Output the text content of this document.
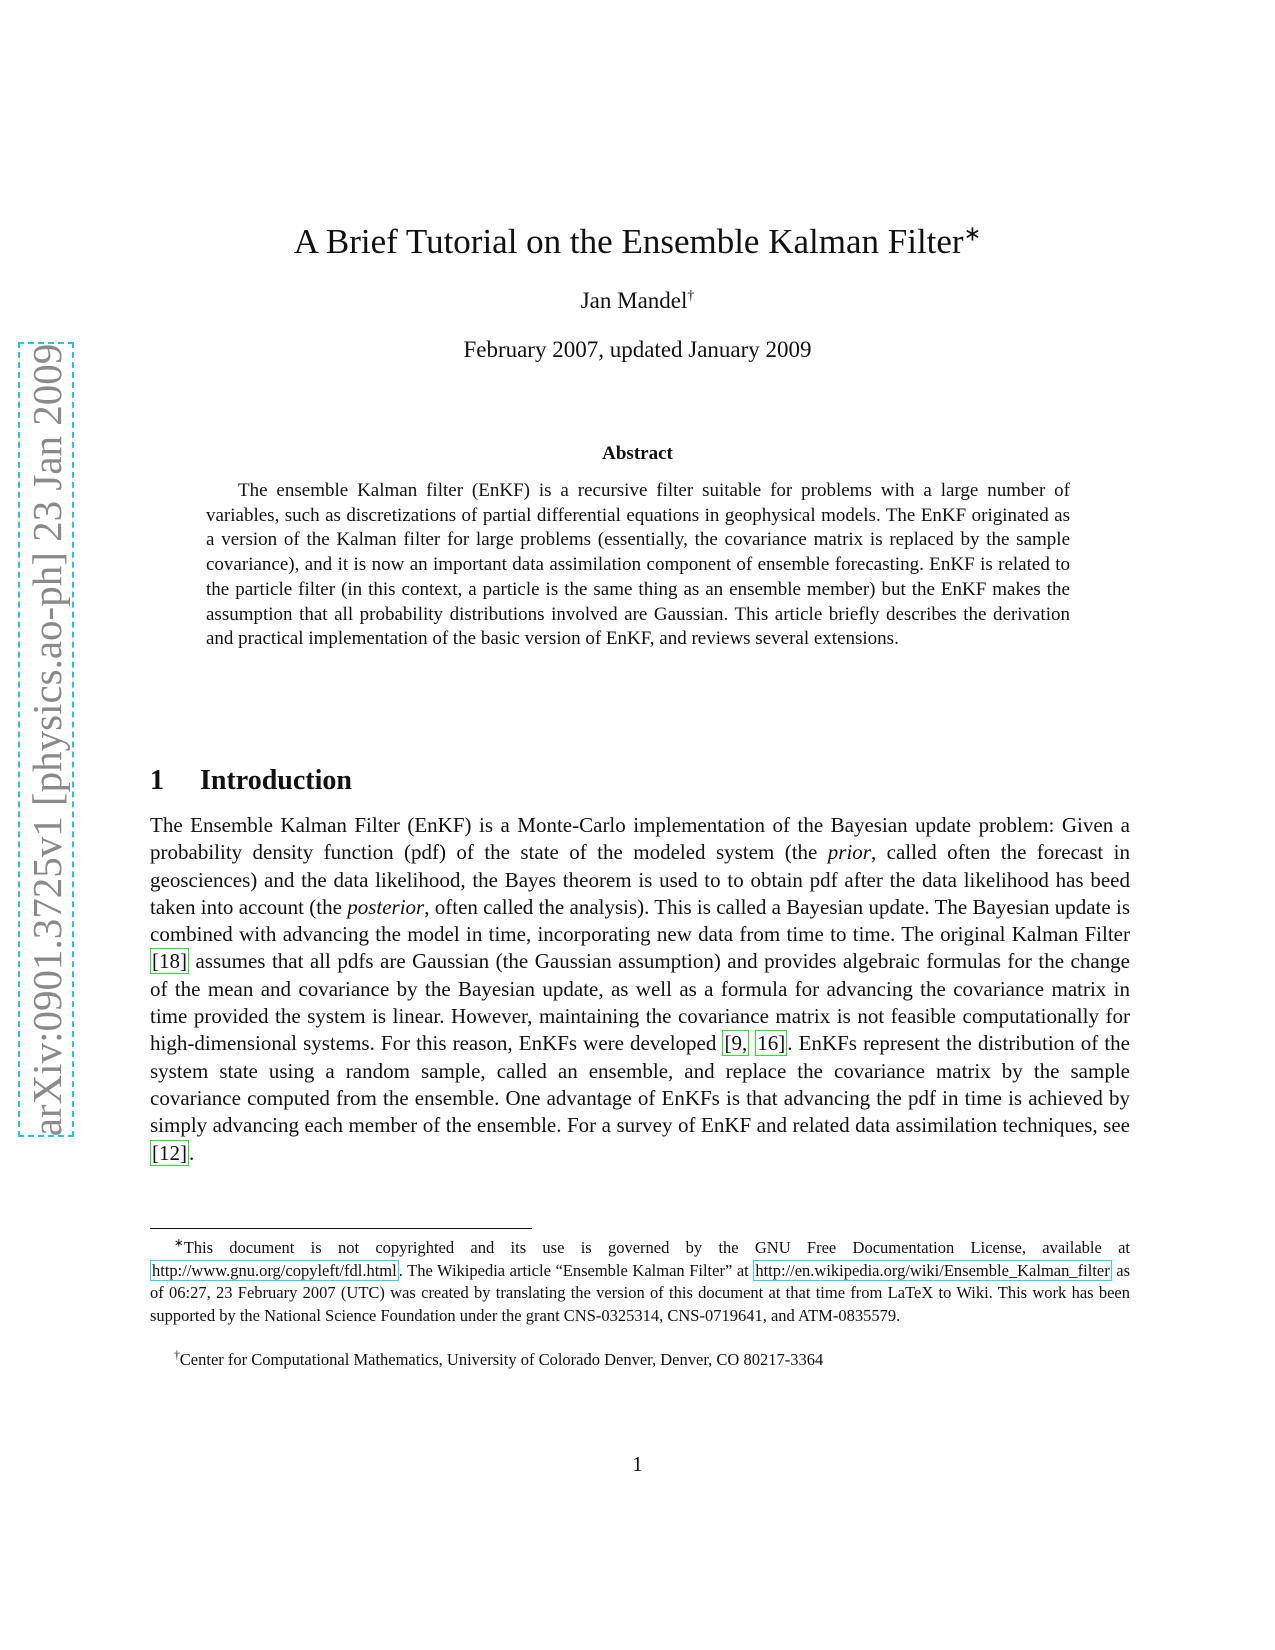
arXiv:0901.3725v1 [physics.ao-ph] 23 Jan 2009
A Brief Tutorial on the Ensemble Kalman Filter∗
Jan Mandel†
February 2007, updated January 2009
Abstract

The ensemble Kalman filter (EnKF) is a recursive filter suitable for problems with a large number of variables, such as discretizations of partial differential equations in geophysical models. The EnKF originated as a version of the Kalman filter for large problems (essentially, the covariance matrix is replaced by the sample covariance), and it is now an important data assimilation component of ensemble forecasting. EnKF is related to the particle filter (in this context, a particle is the same thing as an ensemble member) but the EnKF makes the assumption that all probability distributions involved are Gaussian. This article briefly describes the derivation and practical implementation of the basic version of EnKF, and reviews several extensions.

1 Introduction

The Ensemble Kalman Filter (EnKF) is a Monte-Carlo implementation of the Bayesian update problem: Given a probability density function (pdf) of the state of the modeled system (the prior, called often the forecast in geosciences) and the data likelihood, the Bayes theorem is used to to obtain pdf after the data likelihood has beed taken into account (the posterior, often called the analysis). This is called a Bayesian update. The Bayesian update is combined with advancing the model in time, incorporating new data from time to time. The original Kalman Filter [18] assumes that all pdfs are Gaussian (the Gaussian assumption) and provides algebraic formulas for the change of the mean and covariance by the Bayesian update, as well as a formula for advancing the covariance matrix in time provided the system is linear. However, maintaining the covariance matrix is not feasible computationally for high-dimensional systems. For this reason, EnKFs were developed [9, 16]. EnKFs represent the distribution of the system state using a random sample, called an ensemble, and replace the covariance matrix by the sample covariance computed from the ensemble. One advantage of EnKFs is that advancing the pdf in time is achieved by simply advancing each member of the ensemble. For a survey of EnKF and related data assimilation techniques, see [12].

∗This document is not copyrighted and its use is governed by the GNU Free Documentation License, available at http://www.gnu.org/copyleft/fdl.html . The Wikipedia article “Ensemble Kalman Filter” at http://en.wikipedia.org/wiki/Ensemble_Kalman_filter as of 06:27, 23 February 2007 (UTC) was created by translating the version of this document at that time from LaTeX to Wiki. This work has been supported by the National Science Foundation under the grant CNS-0325314, CNS-0719641, and ATM-0835579.

†Center for Computational Mathematics, University of Colorado Denver, Denver, CO 80217-3364

1
